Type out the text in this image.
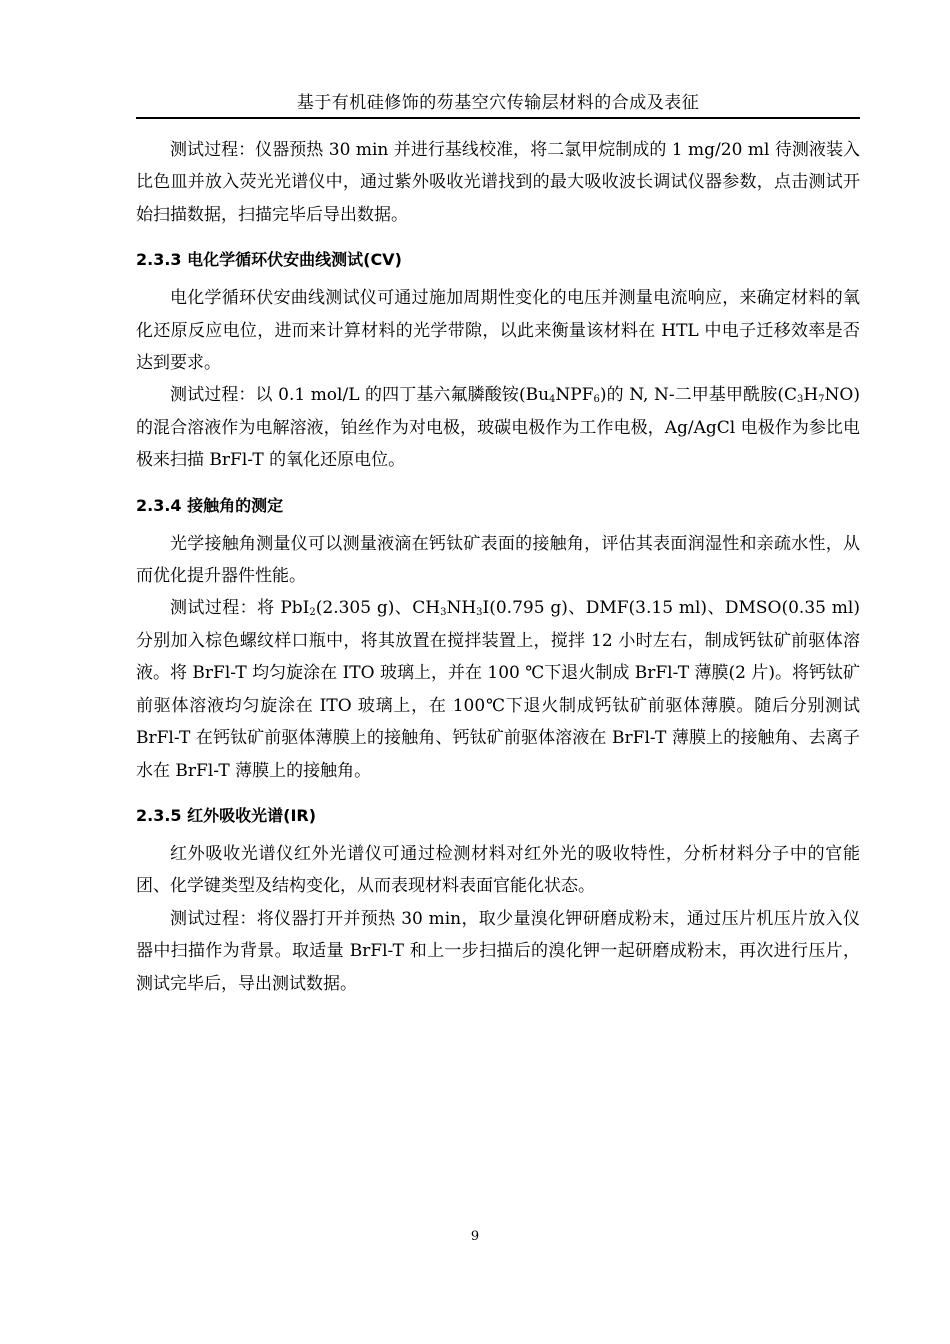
基于有机硅修饰的芴基空穴传输层材料的合成及表征

测试过程：仪器预热 30 min 并进行基线校准，将二氯甲烷制成的 1 mg/20 ml 待测液装入比色皿并放入荧光光谱仪中，通过紫外吸收光谱找到的最大吸收波长调试仪器参数，点击测试开始扫描数据，扫描完毕后导出数据。

2.3.3 电化学循环伏安曲线测试(CV)

电化学循环伏安曲线测试仪可通过施加周期性变化的电压并测量电流响应，来确定材料的氧化还原反应电位，进而来计算材料的光学带隙，以此来衡量该材料在 HTL 中电子迁移效率是否达到要求。

测试过程：以 0.1 mol/L 的四丁基六氟膦酸铵$(Bu_4NPF_6)$的 N, N-二甲基甲酰胺$(C_3H_7NO)$的混合溶液作为电解溶液，铂丝作为对电极，玻碳电极作为工作电极，Ag/AgCl 电极作为参比电极来扫描 BrFl-T 的氧化还原电位。

2.3.4 接触角的测定

光学接触角测量仪可以测量液滴在钙钛矿表面的接触角，评估其表面润湿性和亲疏水性，从而优化提升器件性能。

测试过程：将 PbI$_2$(2.305 g)、$CH_3NH_3I(0.795$ g)、DMF(3.15 ml)、DMSO(0.35 ml)分别加入棕色螺纹样口瓶中，将其放置在搅拌装置上，搅拌 12 小时左右，制成钙钛矿前驱体溶液。将 BrFl-T 均匀旋涂在 ITO 玻璃上，并在 100 ℃下退火制成 BrFl-T 薄膜(2 片)。将钙钛矿前驱体溶液均匀旋涂在 ITO 玻璃上，在 100℃下退火制成钙钛矿前驱体薄膜。随后分别测试 BrFl-T 在钙钛矿前驱体薄膜上的接触角、钙钛矿前驱体溶液在 BrFl-T 薄膜上的接触角、去离子水在 BrFl-T 薄膜上的接触角。

2.3.5 红外吸收光谱(IR)

红外吸收光谱仪红外光谱仪可通过检测材料对红外光的吸收特性，分析材料分子中的官能团、化学键类型及结构变化，从而表现材料表面官能化状态。

测试过程：将仪器打开并预热 30 min，取少量溴化钾研磨成粉末，通过压片机压片放入仪器中扫描作为背景。取适量 BrFl-T 和上一步扫描后的溴化钾一起研磨成粉末，再次进行压片，测试完毕后，导出测试数据。

9
